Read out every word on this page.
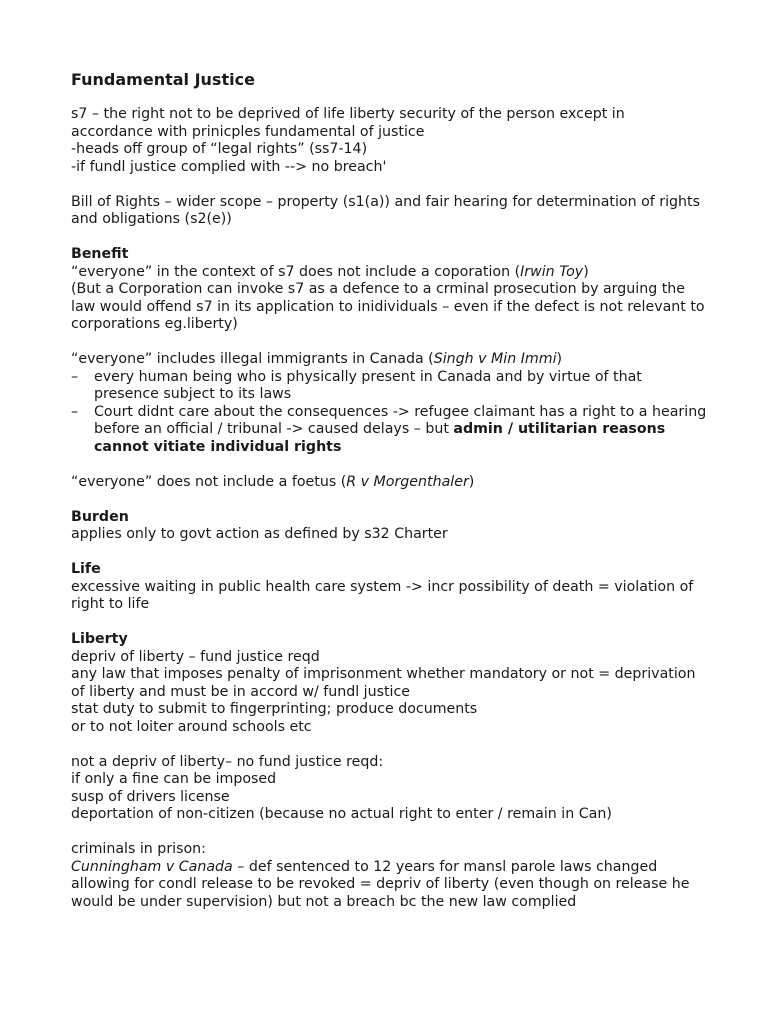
Fundamental Justice

s7 – the right not to be deprived of life liberty security of the person except in accordance with prinicples fundamental of justice

-heads off group of “legal rights” (ss7-14)

-if fundl justice complied with --> no breach'

Bill of Rights – wider scope – property (s1(a)) and fair hearing for determination of rights and obligations (s2(e))

Benefit

“everyone” in the context of s7 does not include a coporation (Irwin Toy)

(But a Corporation can invoke s7 as a defence to a crminal prosecution by arguing the law would offend s7 in its application to inidividuals – even if the defect is not relevant to corporations eg.liberty)

“everyone” includes illegal immigrants in Canada (Singh v Min Immi)

– every human being who is physically present in Canada and by virtue of that presence subject to its laws
– Court didnt care about the consequences -> refugee claimant has a right to a hearing before an official / tribunal -> caused delays – but admin / utilitarian reasons cannot vitiate individual rights

“everyone” does not include a foetus (R v Morgenthaler)

Burden

applies only to govt action as defined by s32 Charter

Life

excessive waiting in public health care system -> incr possibility of death = violation of right to life

Liberty

depriv of liberty – fund justice reqd

any law that imposes penalty of imprisonment whether mandatory or not = deprivation of liberty and must be in accord w/ fundl justice

stat duty to submit to fingerprinting; produce documents

or to not loiter around schools etc

not a depriv of liberty– no fund justice reqd:

if only a fine can be imposed

susp of drivers license

deportation of non-citizen (because no actual right to enter / remain in Can)

criminals in prison:

Cunningham v Canada – def sentenced to 12 years for mansl parole laws changed allowing for condl release to be revoked = depriv of liberty (even though on release he would be under supervision) but not a breach bc the new law complied
